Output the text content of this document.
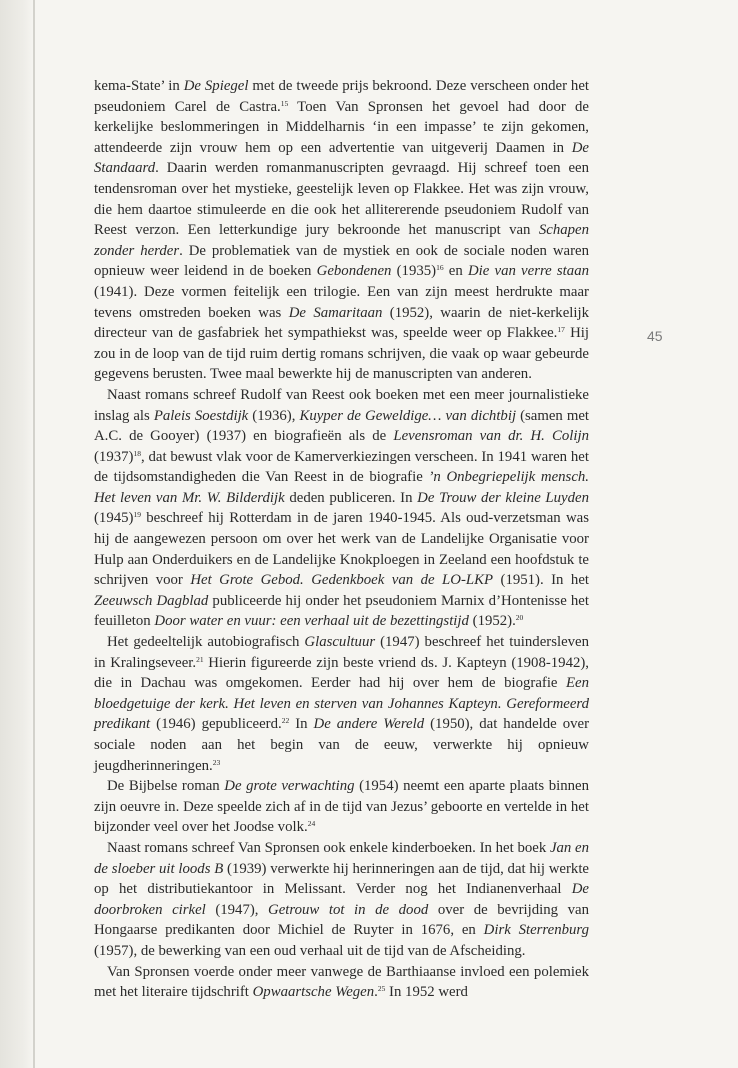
45

kema-State’ in De Spiegel met de tweede prijs bekroond. Deze verscheen onder het pseudoniem Carel de Castra.$^{15}$ Toen Van Spronsen het gevoel had door de kerkelijke beslommeringen in Middelharnis ‘in een impasse’ te zijn gekomen, attendeerde zijn vrouw hem op een advertentie van uitgeverij Daamen in De Standaard. Daarin werden romanmanuscripten gevraagd. Hij schreef toen een tendensroman over het mystieke, geestelijk leven op Flakkee. Het was zijn vrouw, die hem daartoe stimuleerde en die ook het allitererende pseudoniem Rudolf van Reest verzon. Een letterkundige jury bekroonde het manuscript van Schapen zonder herder. De problematiek van de mystiek en ook de sociale noden waren opnieuw weer leidend in de boeken Gebondenen $(1935)^{16}$ en Die van verre staan (1941). Deze vormen feitelijk een trilogie. Een van zijn meest herdrukte maar tevens omstreden boeken was De Samaritaan (1952), waarin de niet-kerkelijk directeur van de gasfabriek het sympathiekst was, speelde weer op Flakkee.$^{17}$ Hij zou in de loop van de tijd ruim dertig romans schrijven, die vaak op waar gebeurde gegevens berusten. Twee maal bewerkte hij de manuscripten van anderen.

Naast romans schreef Rudolf van Reest ook boeken met een meer journalistieke inslag als Paleis Soestdijk (1936), Kuyper de Geweldige… van dichtbij (samen met A.C. de Gooyer) (1937) en biografieën als de Levensroman van dr. H. Colijn $(1937)^{18}$, dat bewust vlak voor de Kamerverkiezingen verscheen. In 1941 waren het de tijdsomstandigheden die Van Reest in de biografie ’n Onbegriepelijk mensch. Het leven van Mr. W. Bilderdijk deden publiceren. In De Trouw der kleine Luyden $(1945)^{19}$ beschreef hij Rotterdam in de jaren 1940-1945. Als oud-verzetsman was hij de aangewezen persoon om over het werk van de Landelijke Organisatie voor Hulp aan Onderduikers en de Landelijke Knokploegen in Zeeland een hoofdstuk te schrijven voor Het Grote Gebod. Gedenkboek van de LO-LKP (1951). In het Zeeuwsch Dagblad publiceerde hij onder het pseudoniem Marnix d’Hontenisse het feuilleton Door water en vuur: een verhaal uit de bezettingstijd (1952).$^{20}$

Het gedeeltelijk autobiografisch Glascultuur (1947) beschreef het tuindersleven in Kralingseveer.$^{21}$ Hierin figureerde zijn beste vriend ds. J. Kapteyn (1908-1942), die in Dachau was omgekomen. Eerder had hij over hem de biografie Een bloedgetuige der kerk. Het leven en sterven van Johannes Kapteyn. Gereformeerd predikant (1946) gepubliceerd.$^{22}$ In De andere Wereld (1950), dat handelde over sociale noden aan het begin van de eeuw, verwerkte hij opnieuw jeugdherinneringen.$^{23}$

De Bijbelse roman De grote verwachting (1954) neemt een aparte plaats binnen zijn oeuvre in. Deze speelde zich af in de tijd van Jezus’ geboorte en vertelde in het bijzonder veel over het Joodse volk.$^{24}$

Naast romans schreef Van Spronsen ook enkele kinderboeken. In het boek Jan en de sloeber uit loods B (1939) verwerkte hij herinneringen aan de tijd, dat hij werkte op het distributiekantoor in Melissant. Verder nog het Indianenverhaal De doorbroken cirkel (1947), Getrouw tot in de dood over de bevrijding van Hongaarse predikanten door Michiel de Ruyter in 1676, en Dirk Sterrenburg (1957), de bewerking van een oud verhaal uit de tijd van de Afscheiding.

Van Spronsen voerde onder meer vanwege de Barthiaanse invloed een polemiek met het literaire tijdschrift Opwaartsche Wegen.$^{25}$ In 1952 werd
